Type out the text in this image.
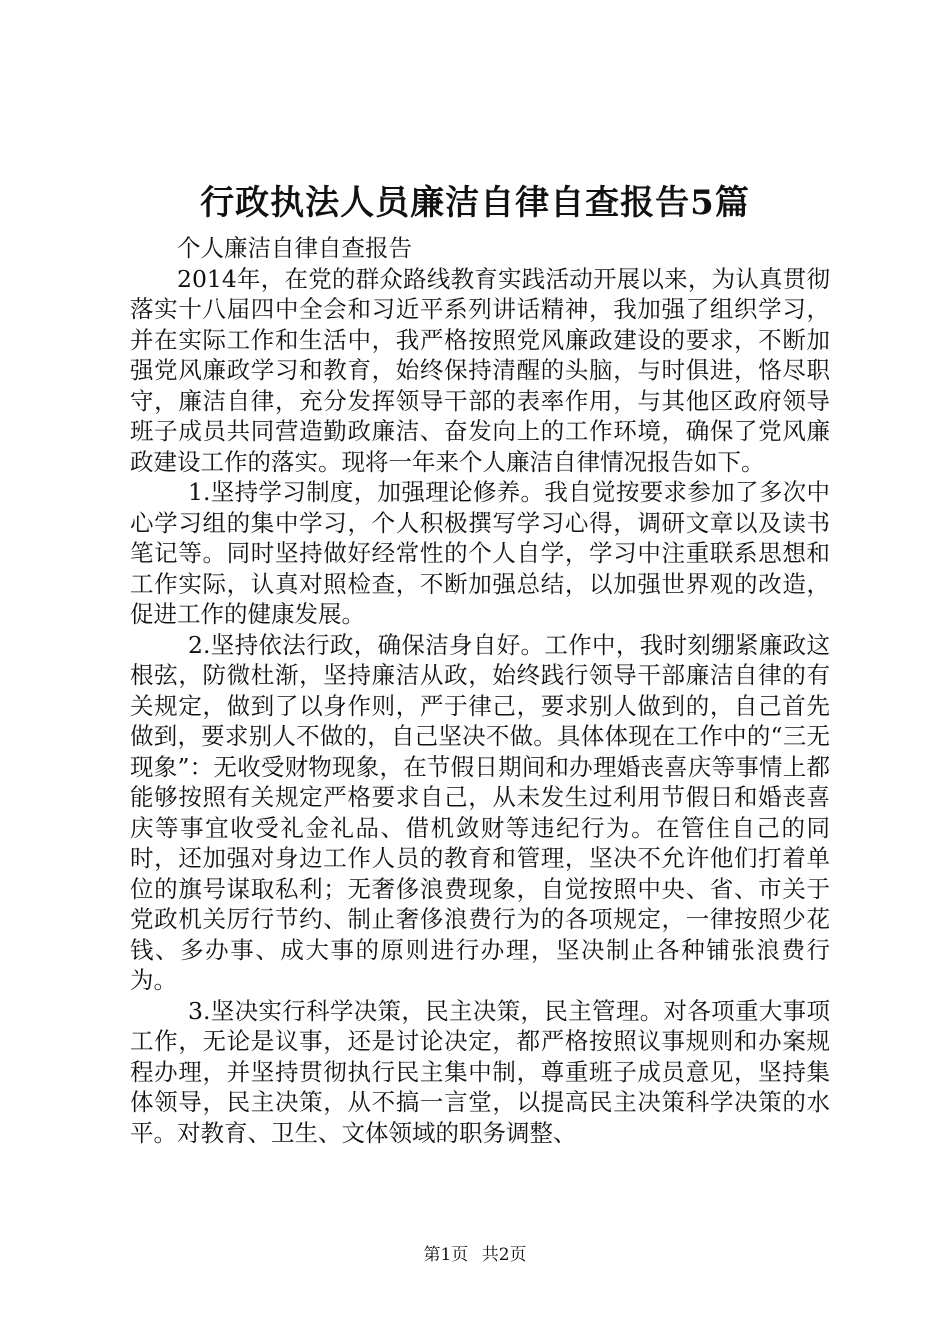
行政执法人员廉洁自律自查报告5篇

个人廉洁自律自查报告

2014年，在党的群众路线教育实践活动开展以来，为认真贯彻落实十八届四中全会和习近平系列讲话精神，我加强了组织学习，并在实际工作和生活中，我严格按照党风廉政建设的要求，不断加强党风廉政学习和教育，始终保持清醒的头脑，与时俱进，恪尽职守，廉洁自律，充分发挥领导干部的表率作用，与其他区政府领导班子成员共同营造勤政廉洁、奋发向上的工作环境，确保了党风廉政建设工作的落实。现将一年来个人廉洁自律情况报告如下。

1.坚持学习制度，加强理论修养。我自觉按要求参加了多次中心学习组的集中学习，个人积极撰写学习心得，调研文章以及读书笔记等。同时坚持做好经常性的个人自学，学习中注重联系思想和工作实际，认真对照检查，不断加强总结，以加强世界观的改造，促进工作的健康发展。

2.坚持依法行政，确保洁身自好。工作中，我时刻绷紧廉政这根弦，防微杜渐，坚持廉洁从政，始终践行领导干部廉洁自律的有关规定，做到了以身作则，严于律己，要求别人做到的，自己首先做到，要求别人不做的，自己坚决不做。具体体现在工作中的“三无现象”：无收受财物现象，在节假日期间和办理婚丧喜庆等事情上都能够按照有关规定严格要求自己，从未发生过利用节假日和婚丧喜庆等事宜收受礼金礼品、借机敛财等违纪行为。在管住自己的同时，还加强对身边工作人员的教育和管理，坚决不允许他们打着单位的旗号谋取私利；无奢侈浪费现象，自觉按照中央、省、市关于党政机关厉行节约、制止奢侈浪费行为的各项规定，一律按照少花钱、多办事、成大事的原则进行办理，坚决制止各种铺张浪费行为。

3.坚决实行科学决策，民主决策，民主管理。对各项重大事项工作，无论是议事，还是讨论决定，都严格按照议事规则和办案规程办理，并坚持贯彻执行民主集中制，尊重班子成员意见，坚持集体领导，民主决策，从不搞一言堂，以提高民主决策科学决策的水平。对教育、卫生、文体领域的职务调整、

第1页 共2页
